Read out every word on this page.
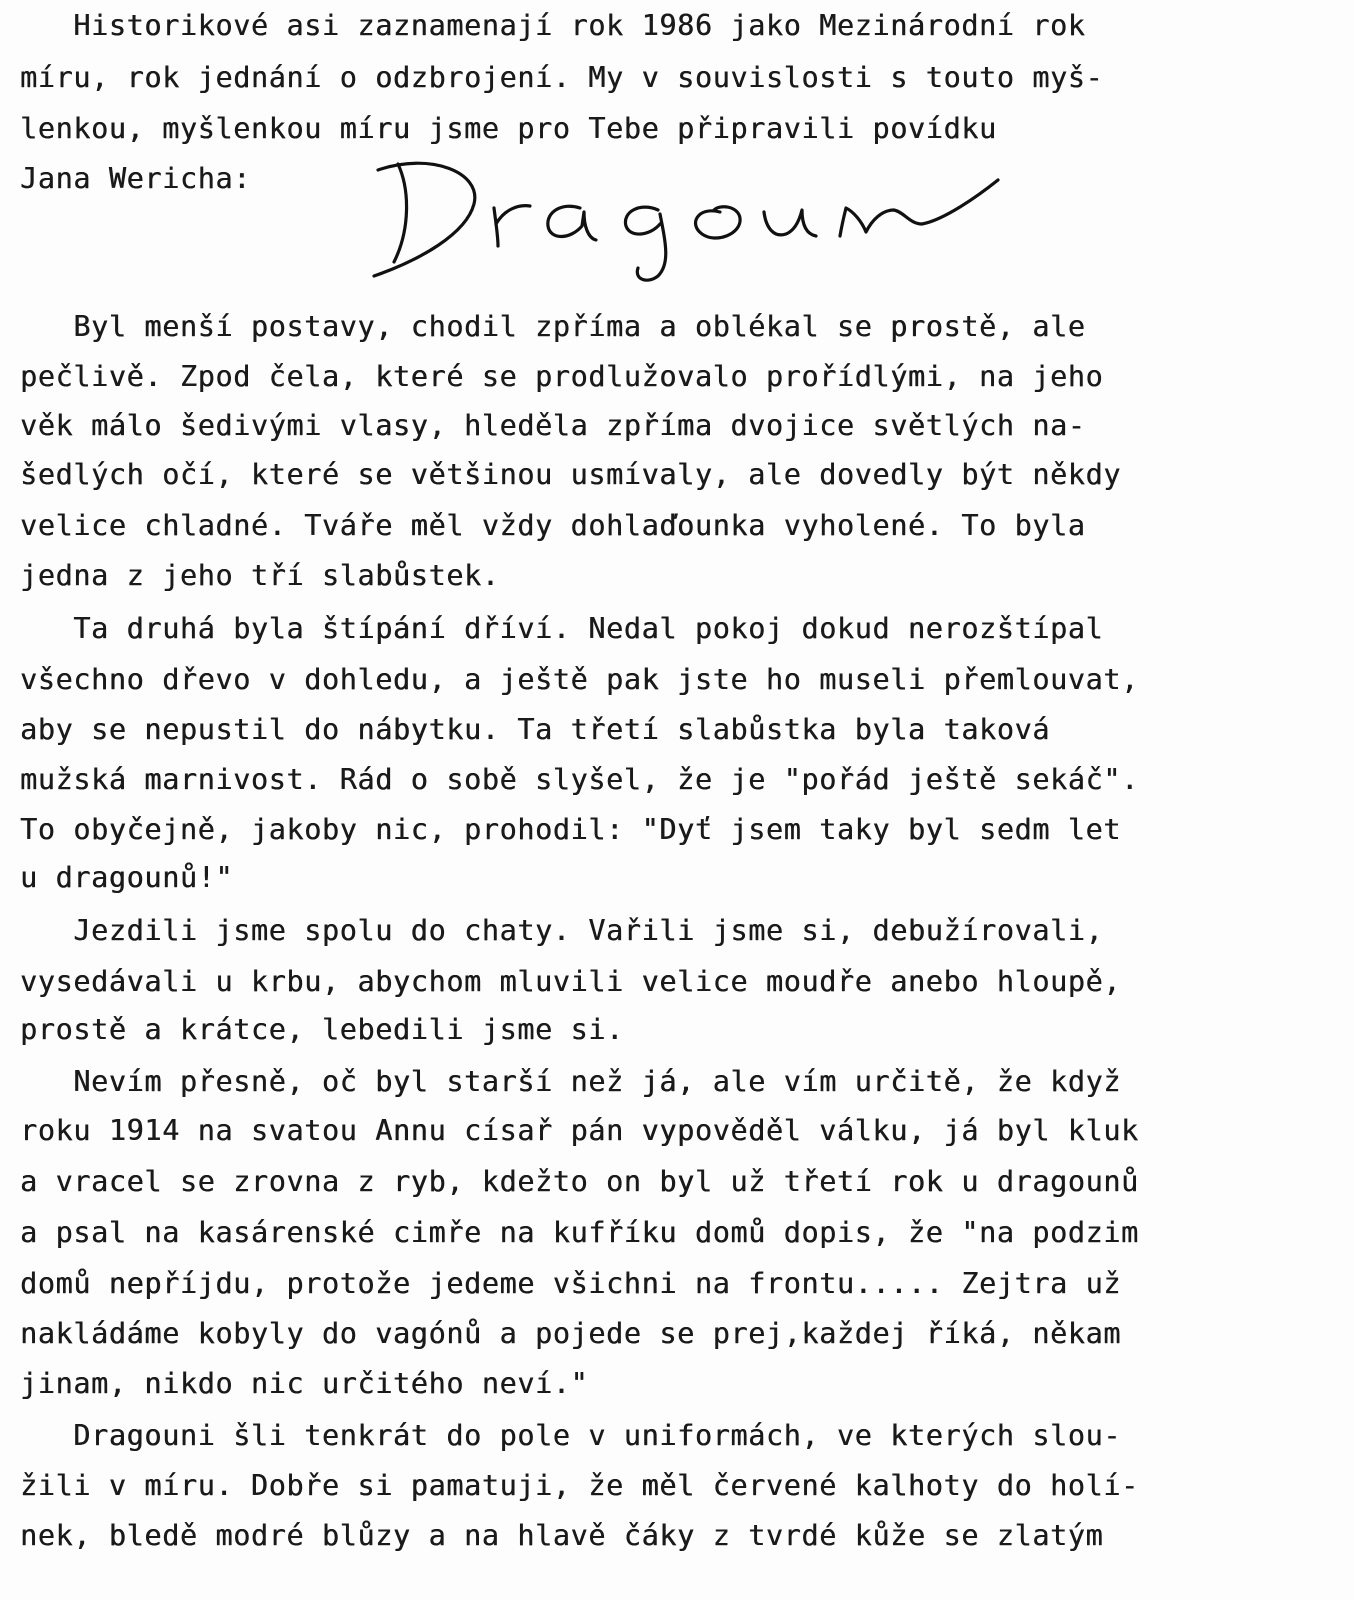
Historikové asi zaznamenají rok 1986 jako Mezinárodní rok
míru, rok jednání o odzbrojení. My v souvislosti s touto myš-
lenkou, myšlenkou míru jsme pro Tebe připravili povídku
Jana Wericha:
Byl menší postavy, chodil zpříma a oblékal se prostě, ale
pečlivě. Zpod čela, které se prodlužovalo prořídlými, na jeho
věk málo šedivými vlasy, hleděla zpříma dvojice světlých na-
šedlých očí, které se většinou usmívaly, ale dovedly být někdy
velice chladné. Tváře měl vždy dohlaďounka vyholené. To byla
jedna z jeho tří slabůstek.
Ta druhá byla štípání dříví. Nedal pokoj dokud nerozštípal
všechno dřevo v dohledu, a ještě pak jste ho museli přemlouvat,
aby se nepustil do nábytku. Ta třetí slabůstka byla taková
mužská marnivost. Rád o sobě slyšel, že je "pořád ještě sekáč".
To obyčejně, jakoby nic, prohodil: "Dyť jsem taky byl sedm let
u dragounů!"
Jezdili jsme spolu do chaty. Vařili jsme si, debužírovali,
vysedávali u krbu, abychom mluvili velice moudře anebo hloupě,
prostě a krátce, lebedili jsme si.
Nevím přesně, oč byl starší než já, ale vím určitě, že když
roku 1914 na svatou Annu císař pán vypověděl válku, já byl kluk
a vracel se zrovna z ryb, kdežto on byl už třetí rok u dragounů
a psal na kasárenské cimře na kufříku domů dopis, že "na podzim
domů nepříjdu, protože jedeme všichni na frontu..... Zejtra už
nakládáme kobyly do vagónů a pojede se prej,každej říká, někam
jinam, nikdo nic určitého neví."
Dragouni šli tenkrát do pole v uniformách, ve kterých slou-
žili v míru. Dobře si pamatuji, že měl červené kalhoty do holí-
nek, bledě modré blůzy a na hlavě čáky z tvrdé kůže se zlatým
